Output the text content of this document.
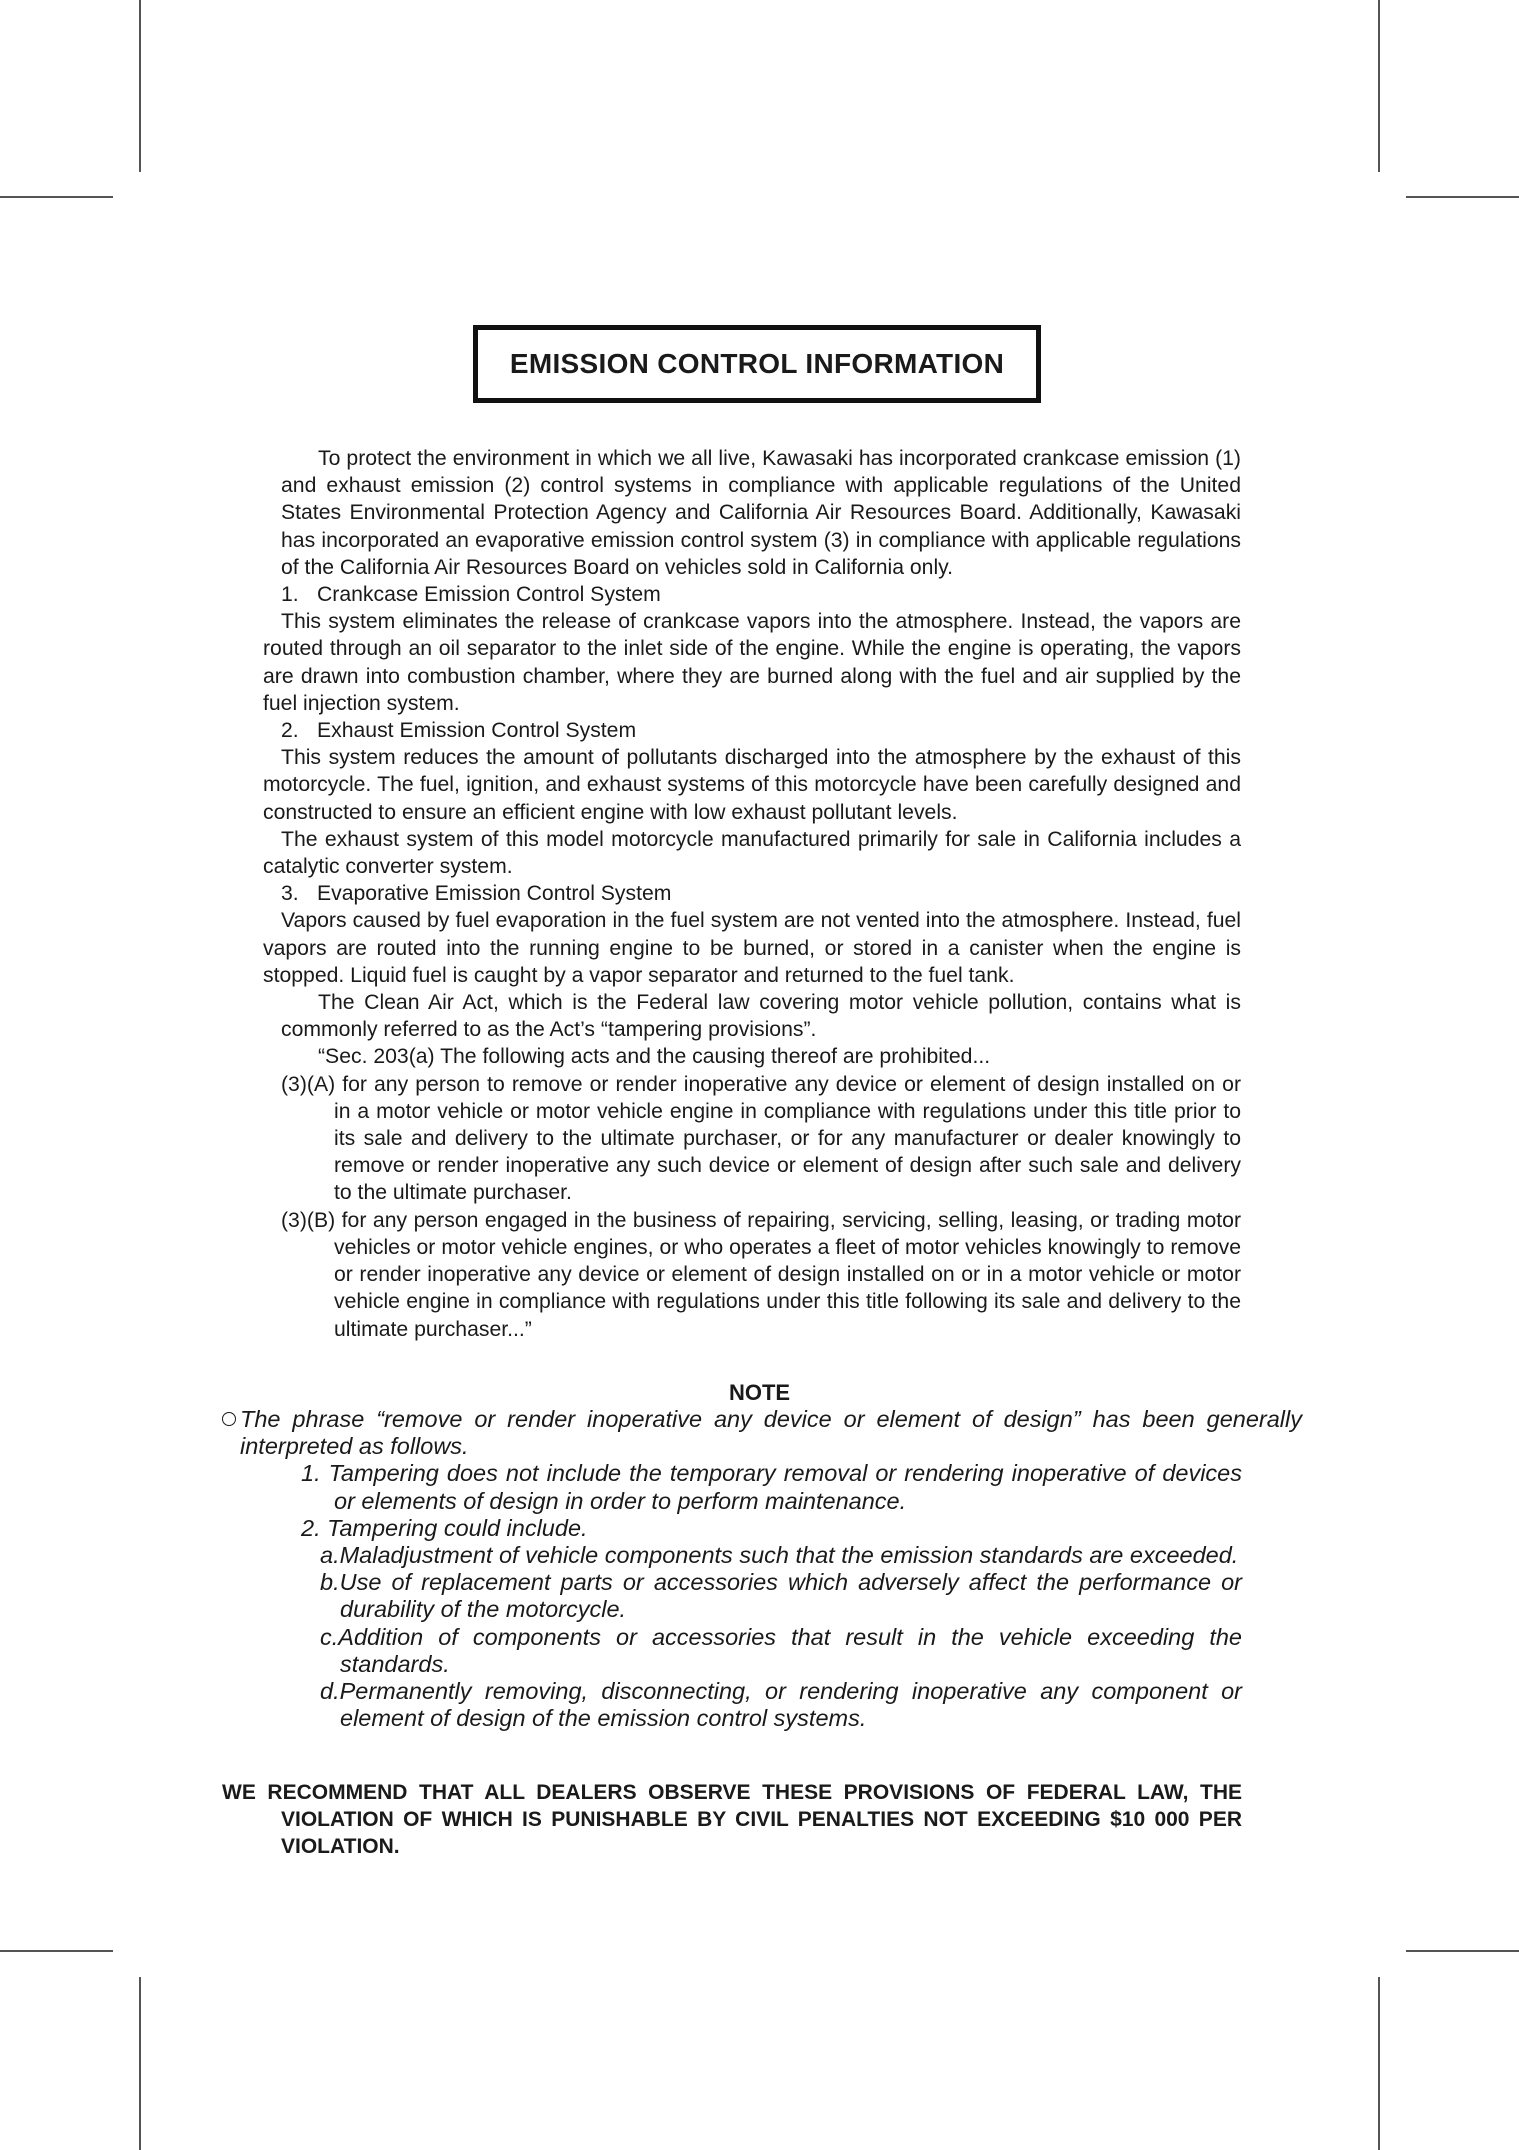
EMISSION CONTROL INFORMATION

To protect the environment in which we all live, Kawasaki has incorporated crankcase emission (1) and exhaust emission (2) control systems in compliance with applicable regulations of the United States Environmental Protection Agency and California Air Resources Board. Additionally, Kawasaki has incorporated an evaporative emission control system (3) in compliance with applicable regulations of the California Air Resources Board on vehicles sold in California only.

1. Crankcase Emission Control System

This system eliminates the release of crankcase vapors into the atmosphere. Instead, the vapors are routed through an oil separator to the inlet side of the engine. While the engine is operating, the vapors are drawn into combustion chamber, where they are burned along with the fuel and air supplied by the fuel injection system.

2. Exhaust Emission Control System

This system reduces the amount of pollutants discharged into the atmosphere by the exhaust of this motorcycle. The fuel, ignition, and exhaust systems of this motorcycle have been carefully designed and constructed to ensure an efficient engine with low exhaust pollutant levels.

The exhaust system of this model motorcycle manufactured primarily for sale in California includes a catalytic converter system.

3. Evaporative Emission Control System

Vapors caused by fuel evaporation in the fuel system are not vented into the atmosphere. Instead, fuel vapors are routed into the running engine to be burned, or stored in a canister when the engine is stopped. Liquid fuel is caught by a vapor separator and returned to the fuel tank.

The Clean Air Act, which is the Federal law covering motor vehicle pollution, contains what is commonly referred to as the Act’s “tampering provisions”.

“Sec. 203(a) The following acts and the causing thereof are prohibited...

(3)(A) for any person to remove or render inoperative any device or element of design installed on or in a motor vehicle or motor vehicle engine in compliance with regulations under this title prior to its sale and delivery to the ultimate purchaser, or for any manufacturer or dealer knowingly to remove or render inoperative any such device or element of design after such sale and delivery to the ultimate purchaser.

(3)(B) for any person engaged in the business of repairing, servicing, selling, leasing, or trading motor vehicles or motor vehicle engines, or who operates a fleet of motor vehicles knowingly to remove or render inoperative any device or element of design installed on or in a motor vehicle or motor vehicle engine in compliance with regulations under this title following its sale and delivery to the ultimate purchaser...”

NOTE

The phrase “remove or render inoperative any device or element of design” has been generally interpreted as follows.

1. Tampering does not include the temporary removal or rendering inoperative of devices or elements of design in order to perform maintenance.

2. Tampering could include.

a.Maladjustment of vehicle components such that the emission standards are exceeded.

b.Use of replacement parts or accessories which adversely affect the performance or durability of the motorcycle.

c.Addition of components or accessories that result in the vehicle exceeding the standards.

d.Permanently removing, disconnecting, or rendering inoperative any component or element of design of the emission control systems.

WE RECOMMEND THAT ALL DEALERS OBSERVE THESE PROVISIONS OF FEDERAL LAW, THE VIOLATION OF WHICH IS PUNISHABLE BY CIVIL PENALTIES NOT EXCEEDING $10 000 PER VIOLATION.
